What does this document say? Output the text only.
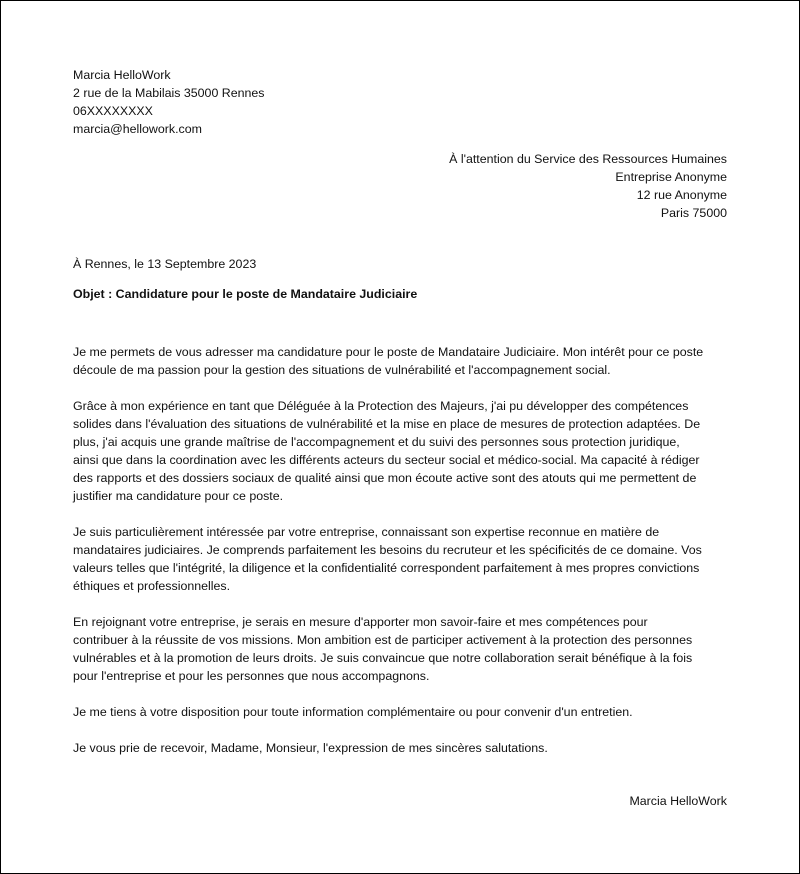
Marcia HelloWork
2 rue de la Mabilais 35000 Rennes
06XXXXXXXX
marcia@hellowork.com
À l'attention du Service des Ressources Humaines
Entreprise Anonyme
12 rue Anonyme
Paris 75000
À Rennes, le 13 Septembre 2023
Objet : Candidature pour le poste de Mandataire Judiciaire

Je me permets de vous adresser ma candidature pour le poste de Mandataire Judiciaire. Mon intérêt pour ce poste
découle de ma passion pour la gestion des situations de vulnérabilité et l'accompagnement social.

Grâce à mon expérience en tant que Déléguée à la Protection des Majeurs, j'ai pu développer des compétences
solides dans l'évaluation des situations de vulnérabilité et la mise en place de mesures de protection adaptées. De
plus, j'ai acquis une grande maîtrise de l'accompagnement et du suivi des personnes sous protection juridique,
ainsi que dans la coordination avec les différents acteurs du secteur social et médico-social. Ma capacité à rédiger
des rapports et des dossiers sociaux de qualité ainsi que mon écoute active sont des atouts qui me permettent de
justifier ma candidature pour ce poste.

Je suis particulièrement intéressée par votre entreprise, connaissant son expertise reconnue en matière de
mandataires judiciaires. Je comprends parfaitement les besoins du recruteur et les spécificités de ce domaine. Vos
valeurs telles que l'intégrité, la diligence et la confidentialité correspondent parfaitement à mes propres convictions
éthiques et professionnelles.

En rejoignant votre entreprise, je serais en mesure d'apporter mon savoir-faire et mes compétences pour
contribuer à la réussite de vos missions. Mon ambition est de participer activement à la protection des personnes
vulnérables et à la promotion de leurs droits. Je suis convaincue que notre collaboration serait bénéfique à la fois
pour l'entreprise et pour les personnes que nous accompagnons.

Je me tiens à votre disposition pour toute information complémentaire ou pour convenir d'un entretien.

Je vous prie de recevoir, Madame, Monsieur, l'expression de mes sincères salutations.

Marcia HelloWork
